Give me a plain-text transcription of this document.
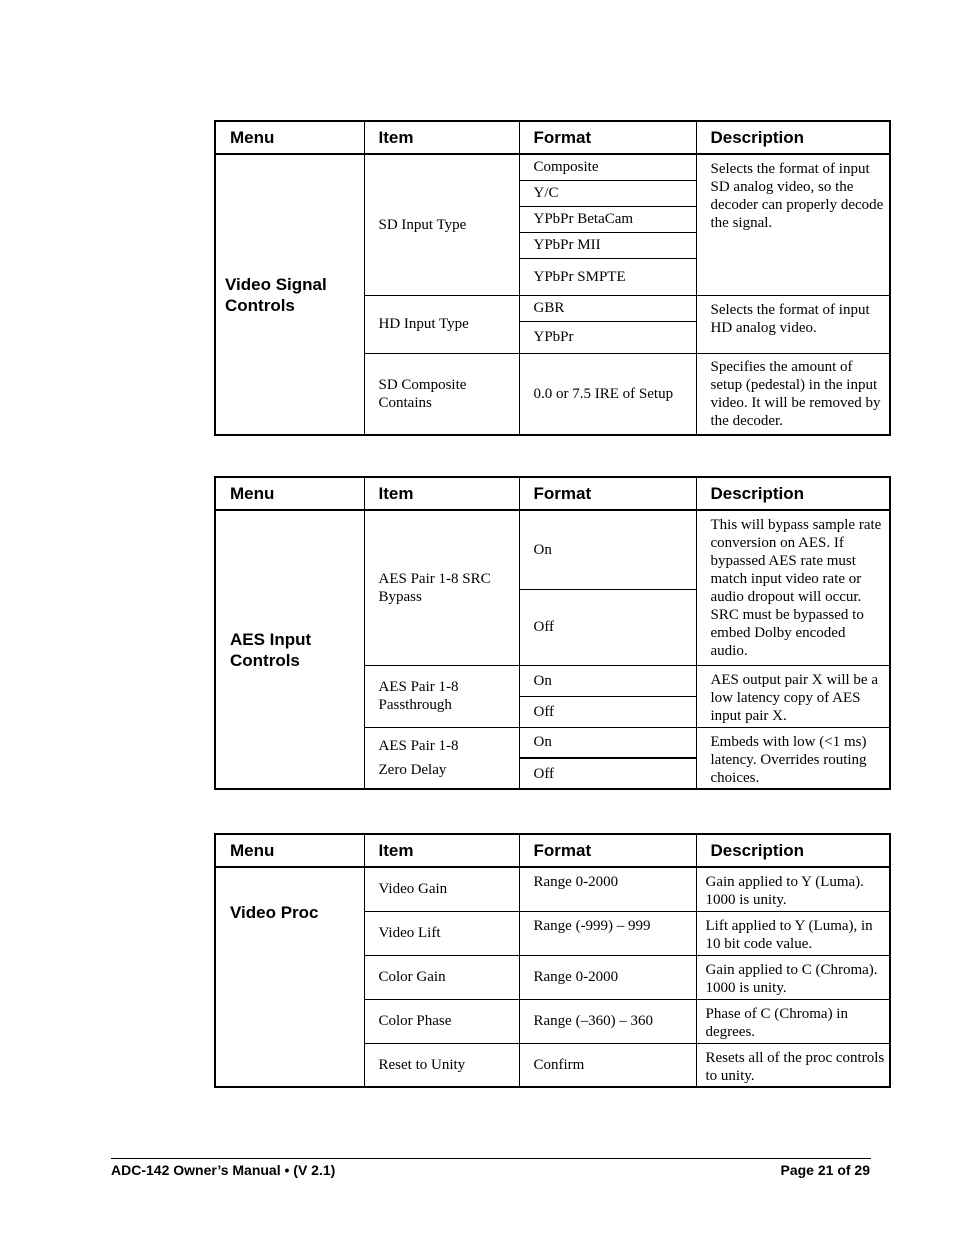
Menu	Item	Format	Description
Video Signal Controls	SD Input Type	Composite	Selects the format of input SD analog video, so the decoder can properly decode the signal.
		Y/C	
		YPbPr BetaCam	
		YPbPr MII	
		YPbPr SMPTE	
	HD Input Type	GBR	Selects the format of input HD analog video.
		YPbPr	
	SD Composite Contains	0.0 or 7.5 IRE of Setup	Specifies the amount of setup (pedestal) in the input video. It will be removed by the decoder.
Menu	Item	Format	Description
AES Input Controls	AES Pair 1-8 SRC Bypass	On	This will bypass sample rate conversion on AES. If bypassed AES rate must match input video rate or audio dropout will occur. SRC must be bypassed to embed Dolby encoded audio.
		Off	
	AES Pair 1-8 Passthrough	On	AES output pair X will be a low latency copy of AES input pair X.
		Off	
	AES Pair 1-8 Zero Delay	On	Embeds with low (<1 ms) latency. Overrides routing choices.
		Off	
Menu	Item	Format	Description
Video Proc	Video Gain	Range 0-2000	Gain applied to Y (Luma). 1000 is unity.
	Video Lift	Range (-999) – 999	Lift applied to Y (Luma), in 10 bit code value.
	Color Gain	Range 0-2000	Gain applied to C (Chroma). 1000 is unity.
	Color Phase	Range (–360) – 360	Phase of C (Chroma) in degrees.
	Reset to Unity	Confirm	Resets all of the proc controls to unity.
ADC-142 Owner’s Manual • (V 2.1)	Page 21 of 29
